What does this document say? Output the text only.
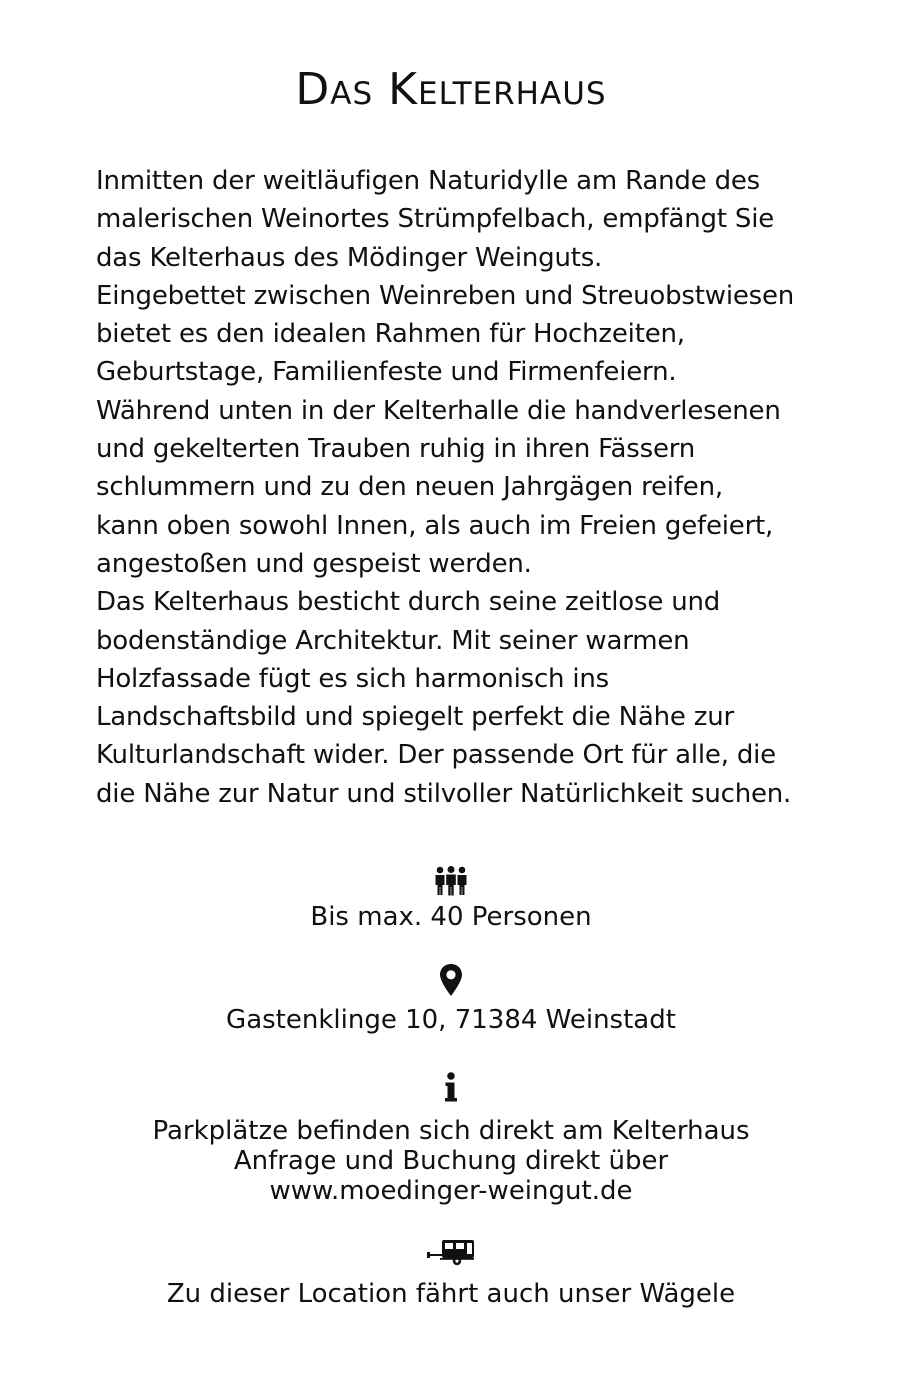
Das Kelterhaus
Inmitten der weitläufigen Naturidylle am Rande des
malerischen Weinortes Strümpfelbach, empfängt Sie
das Kelterhaus des Mödinger Weinguts.
Eingebettet zwischen Weinreben und Streuobstwiesen
bietet es den idealen Rahmen für Hochzeiten,
Geburtstage, Familienfeste und Firmenfeiern.
Während unten in der Kelterhalle die handverlesenen
und gekelterten Trauben ruhig in ihren Fässern
schlummern und zu den neuen Jahrgägen reifen,
kann oben sowohl Innen, als auch im Freien gefeiert,
angestoßen und gespeist werden.
Das Kelterhaus besticht durch seine zeitlose und
bodenständige Architektur. Mit seiner warmen
Holzfassade fügt es sich harmonisch ins
Landschaftsbild und spiegelt perfekt die Nähe zur
Kulturlandschaft wider. Der passende Ort für alle, die
die Nähe zur Natur und stilvoller Natürlichkeit suchen.
Bis max. 40 Personen
Gastenklinge 10, 71384 Weinstadt
Parkplätze befinden sich direkt am Kelterhaus
Anfrage und Buchung direkt über
www.moedinger-weingut.de
Zu dieser Location fährt auch unser Wägele
